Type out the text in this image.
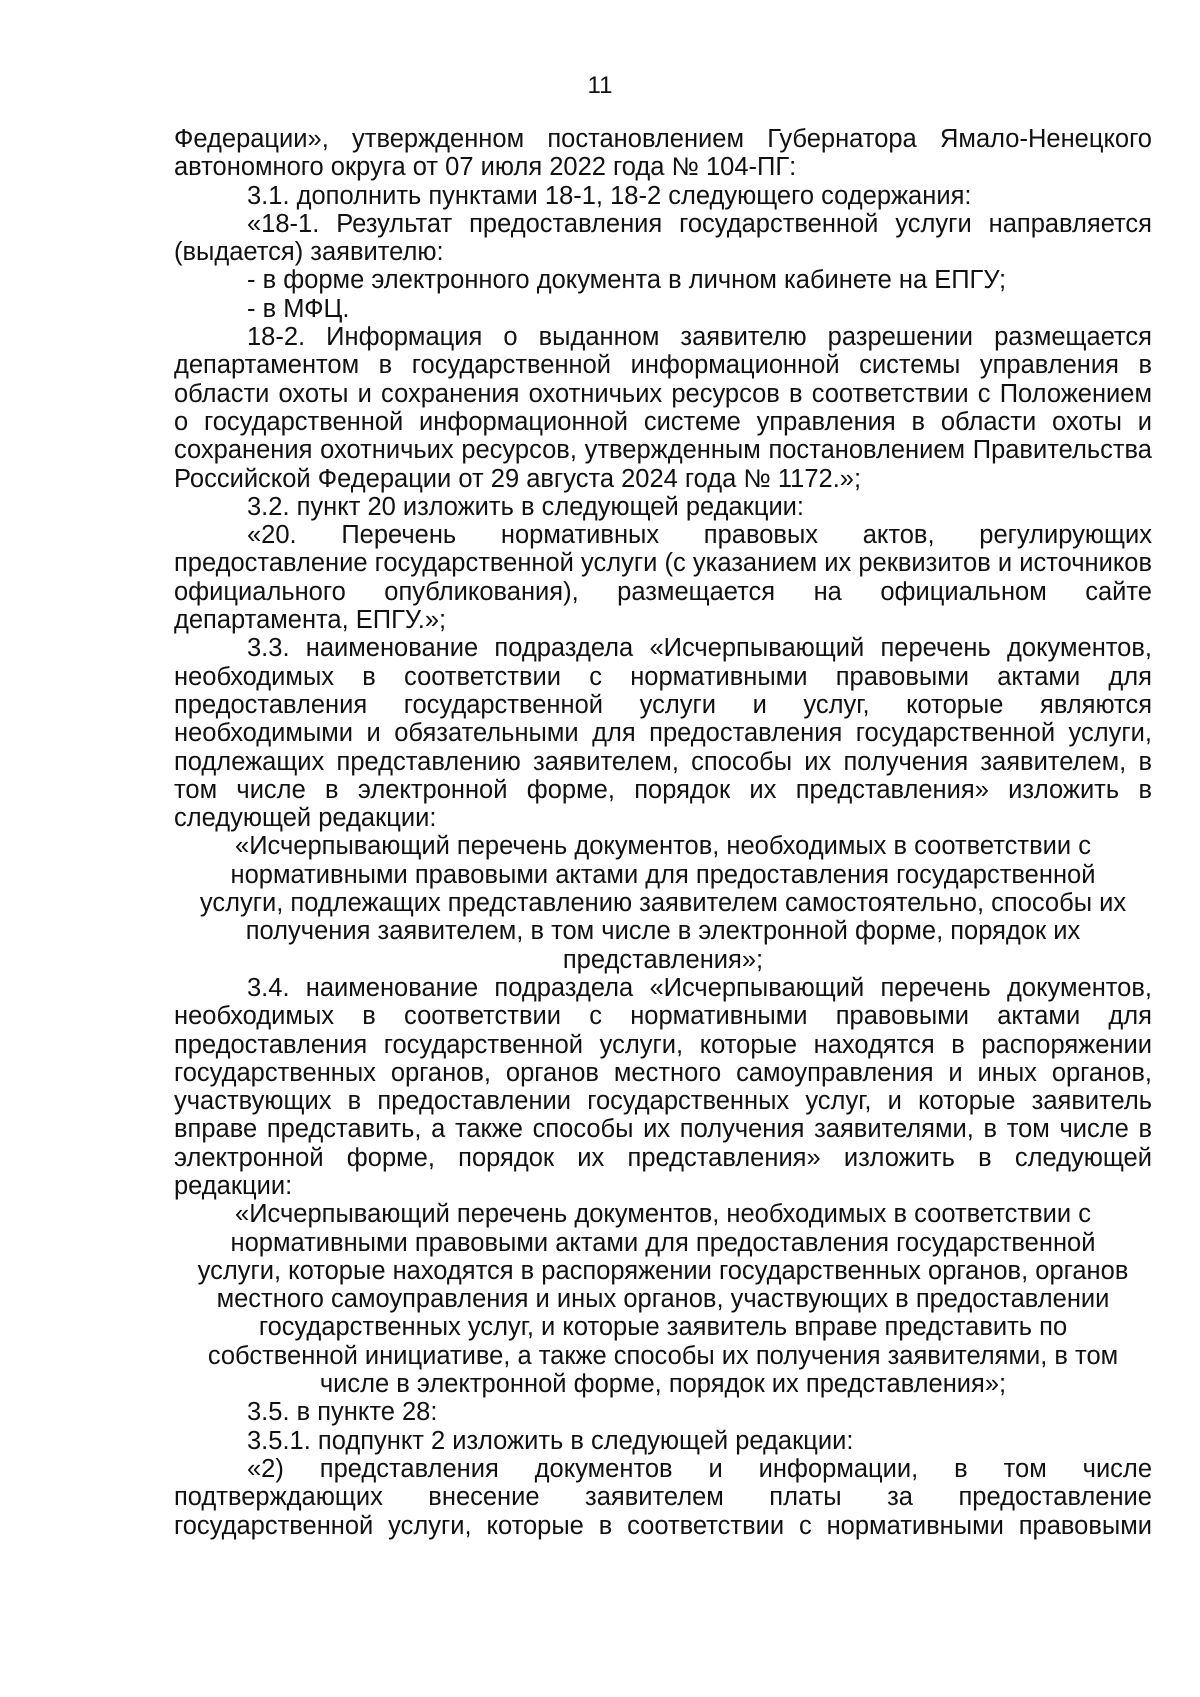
11

Федерации», утвержденном постановлением Губернатора Ямало-Ненецкого автономного округа от 07 июля 2022 года № 104-ПГ:

3.1. дополнить пунктами 18-1, 18-2 следующего содержания:

«18-1. Результат предоставления государственной услуги направляется (выдается) заявителю:

- в форме электронного документа в личном кабинете на ЕПГУ;

- в МФЦ.

18-2. Информация о выданном заявителю разрешении размещается департаментом в государственной информационной системы управления в области охоты и сохранения охотничьих ресурсов в соответствии с Положением о государственной информационной системе управления в области охоты и сохранения охотничьих ресурсов, утвержденным постановлением Правительства Российской Федерации от 29 августа 2024 года № 1172.»;

3.2. пункт 20 изложить в следующей редакции:

«20. Перечень нормативных правовых актов, регулирующих предоставление государственной услуги (с указанием их реквизитов и источников официального опубликования), размещается на официальном сайте департамента, ЕПГУ.»;

3.3. наименование подраздела «Исчерпывающий перечень документов, необходимых в соответствии с нормативными правовыми актами для предоставления государственной услуги и услуг, которые являются необходимыми и обязательными для предоставления государственной услуги, подлежащих представлению заявителем, способы их получения заявителем, в том числе в электронной форме, порядок их представления» изложить в следующей редакции:

«Исчерпывающий перечень документов, необходимых в соответствии с нормативными правовыми актами для предоставления государственной услуги, подлежащих представлению заявителем самостоятельно, способы их получения заявителем, в том числе в электронной форме, порядок их представления»;

3.4. наименование подраздела «Исчерпывающий перечень документов, необходимых в соответствии с нормативными правовыми актами для предоставления государственной услуги, которые находятся в распоряжении государственных органов, органов местного самоуправления и иных органов, участвующих в предоставлении государственных услуг, и которые заявитель вправе представить, а также способы их получения заявителями, в том числе в электронной форме, порядок их представления» изложить в следующей редакции:

«Исчерпывающий перечень документов, необходимых в соответствии с нормативными правовыми актами для предоставления государственной услуги, которые находятся в распоряжении государственных органов, органов местного самоуправления и иных органов, участвующих в предоставлении государственных услуг, и которые заявитель вправе представить по собственной инициативе, а также способы их получения заявителями, в том числе в электронной форме, порядок их представления»;

3.5. в пункте 28:

3.5.1. подпункт 2 изложить в следующей редакции:

«2) представления документов и информации, в том числе подтверждающих внесение заявителем платы за предоставление государственной услуги, которые в соответствии с нормативными правовыми
